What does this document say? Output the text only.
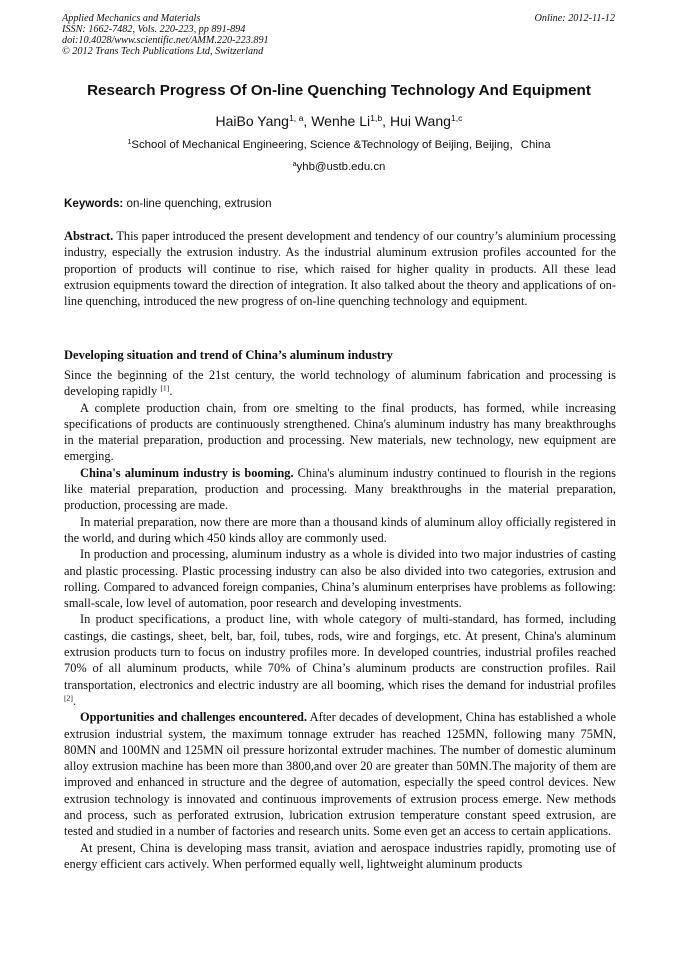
Applied Mechanics and Materials
ISSN: 1662-7482, Vols. 220-223, pp 891-894
doi:10.4028/www.scientific.net/AMM.220-223.891
© 2012 Trans Tech Publications Ltd, Switzerland
Online: 2012-11-12
Research Progress Of On-line Quenching Technology And Equipment
HaiBo Yang$^{1, a}$, Wenhe Li$^{1,b}$, Hui Wang$^{1,c}$
$^1$School of Mechanical Engineering, Science &Technology of Beijing, Beijing，China
$^a$yhb@ustb.edu.cn
Keywords: on-line quenching, extrusion
Abstract. This paper introduced the present development and tendency of our country’s aluminium processing industry, especially the extrusion industry. As the industrial aluminum extrusion profiles accounted for the proportion of products will continue to rise, which raised for higher quality in products. All these lead extrusion equipments toward the direction of integration. It also talked about the theory and applications of on-line quenching, introduced the new progress of on-line quenching technology and equipment.
Developing situation and trend of China’s aluminum industry

Since the beginning of the 21st century, the world technology of aluminum fabrication and processing is developing rapidly [1].

A complete production chain, from ore smelting to the final products, has formed, while increasing specifications of products are continuously strengthened. China's aluminum industry has many breakthroughs in the material preparation, production and processing. New materials, new technology, new equipment are emerging.

China's aluminum industry is booming. China's aluminum industry continued to flourish in the regions like material preparation, production and processing. Many breakthroughs in the material preparation, production, processing are made.

In material preparation, now there are more than a thousand kinds of aluminum alloy officially registered in the world, and during which 450 kinds alloy are commonly used.

In production and processing, aluminum industry as a whole is divided into two major industries of casting and plastic processing. Plastic processing industry can also be also divided into two categories, extrusion and rolling. Compared to advanced foreign companies, China’s aluminum enterprises have problems as following: small-scale, low level of automation, poor research and developing investments.

In product specifications, a product line, with whole category of multi-standard, has formed, including castings, die castings, sheet, belt, bar, foil, tubes, rods, wire and forgings, etc. At present, China's aluminum extrusion products turn to focus on industry profiles more. In developed countries, industrial profiles reached 70% of all aluminum products, while 70% of China’s aluminum products are construction profiles. Rail transportation, electronics and electric industry are all booming, which rises the demand for industrial profiles [2].

Opportunities and challenges encountered. After decades of development, China has established a whole extrusion industrial system, the maximum tonnage extruder has reached 125MN, following many 75MN, 80MN and 100MN and 125MN oil pressure horizontal extruder machines. The number of domestic aluminum alloy extrusion machine has been more than 3800,and over 20 are greater than 50MN.The majority of them are improved and enhanced in structure and the degree of automation, especially the speed control devices. New extrusion technology is innovated and continuous improvements of extrusion process emerge. New methods and process, such as perforated extrusion, lubrication extrusion temperature constant speed extrusion, are tested and studied in a number of factories and research units. Some even get an access to certain applications.

At present, China is developing mass transit, aviation and aerospace industries rapidly, promoting use of energy efficient cars actively. When performed equally well, lightweight aluminum products
